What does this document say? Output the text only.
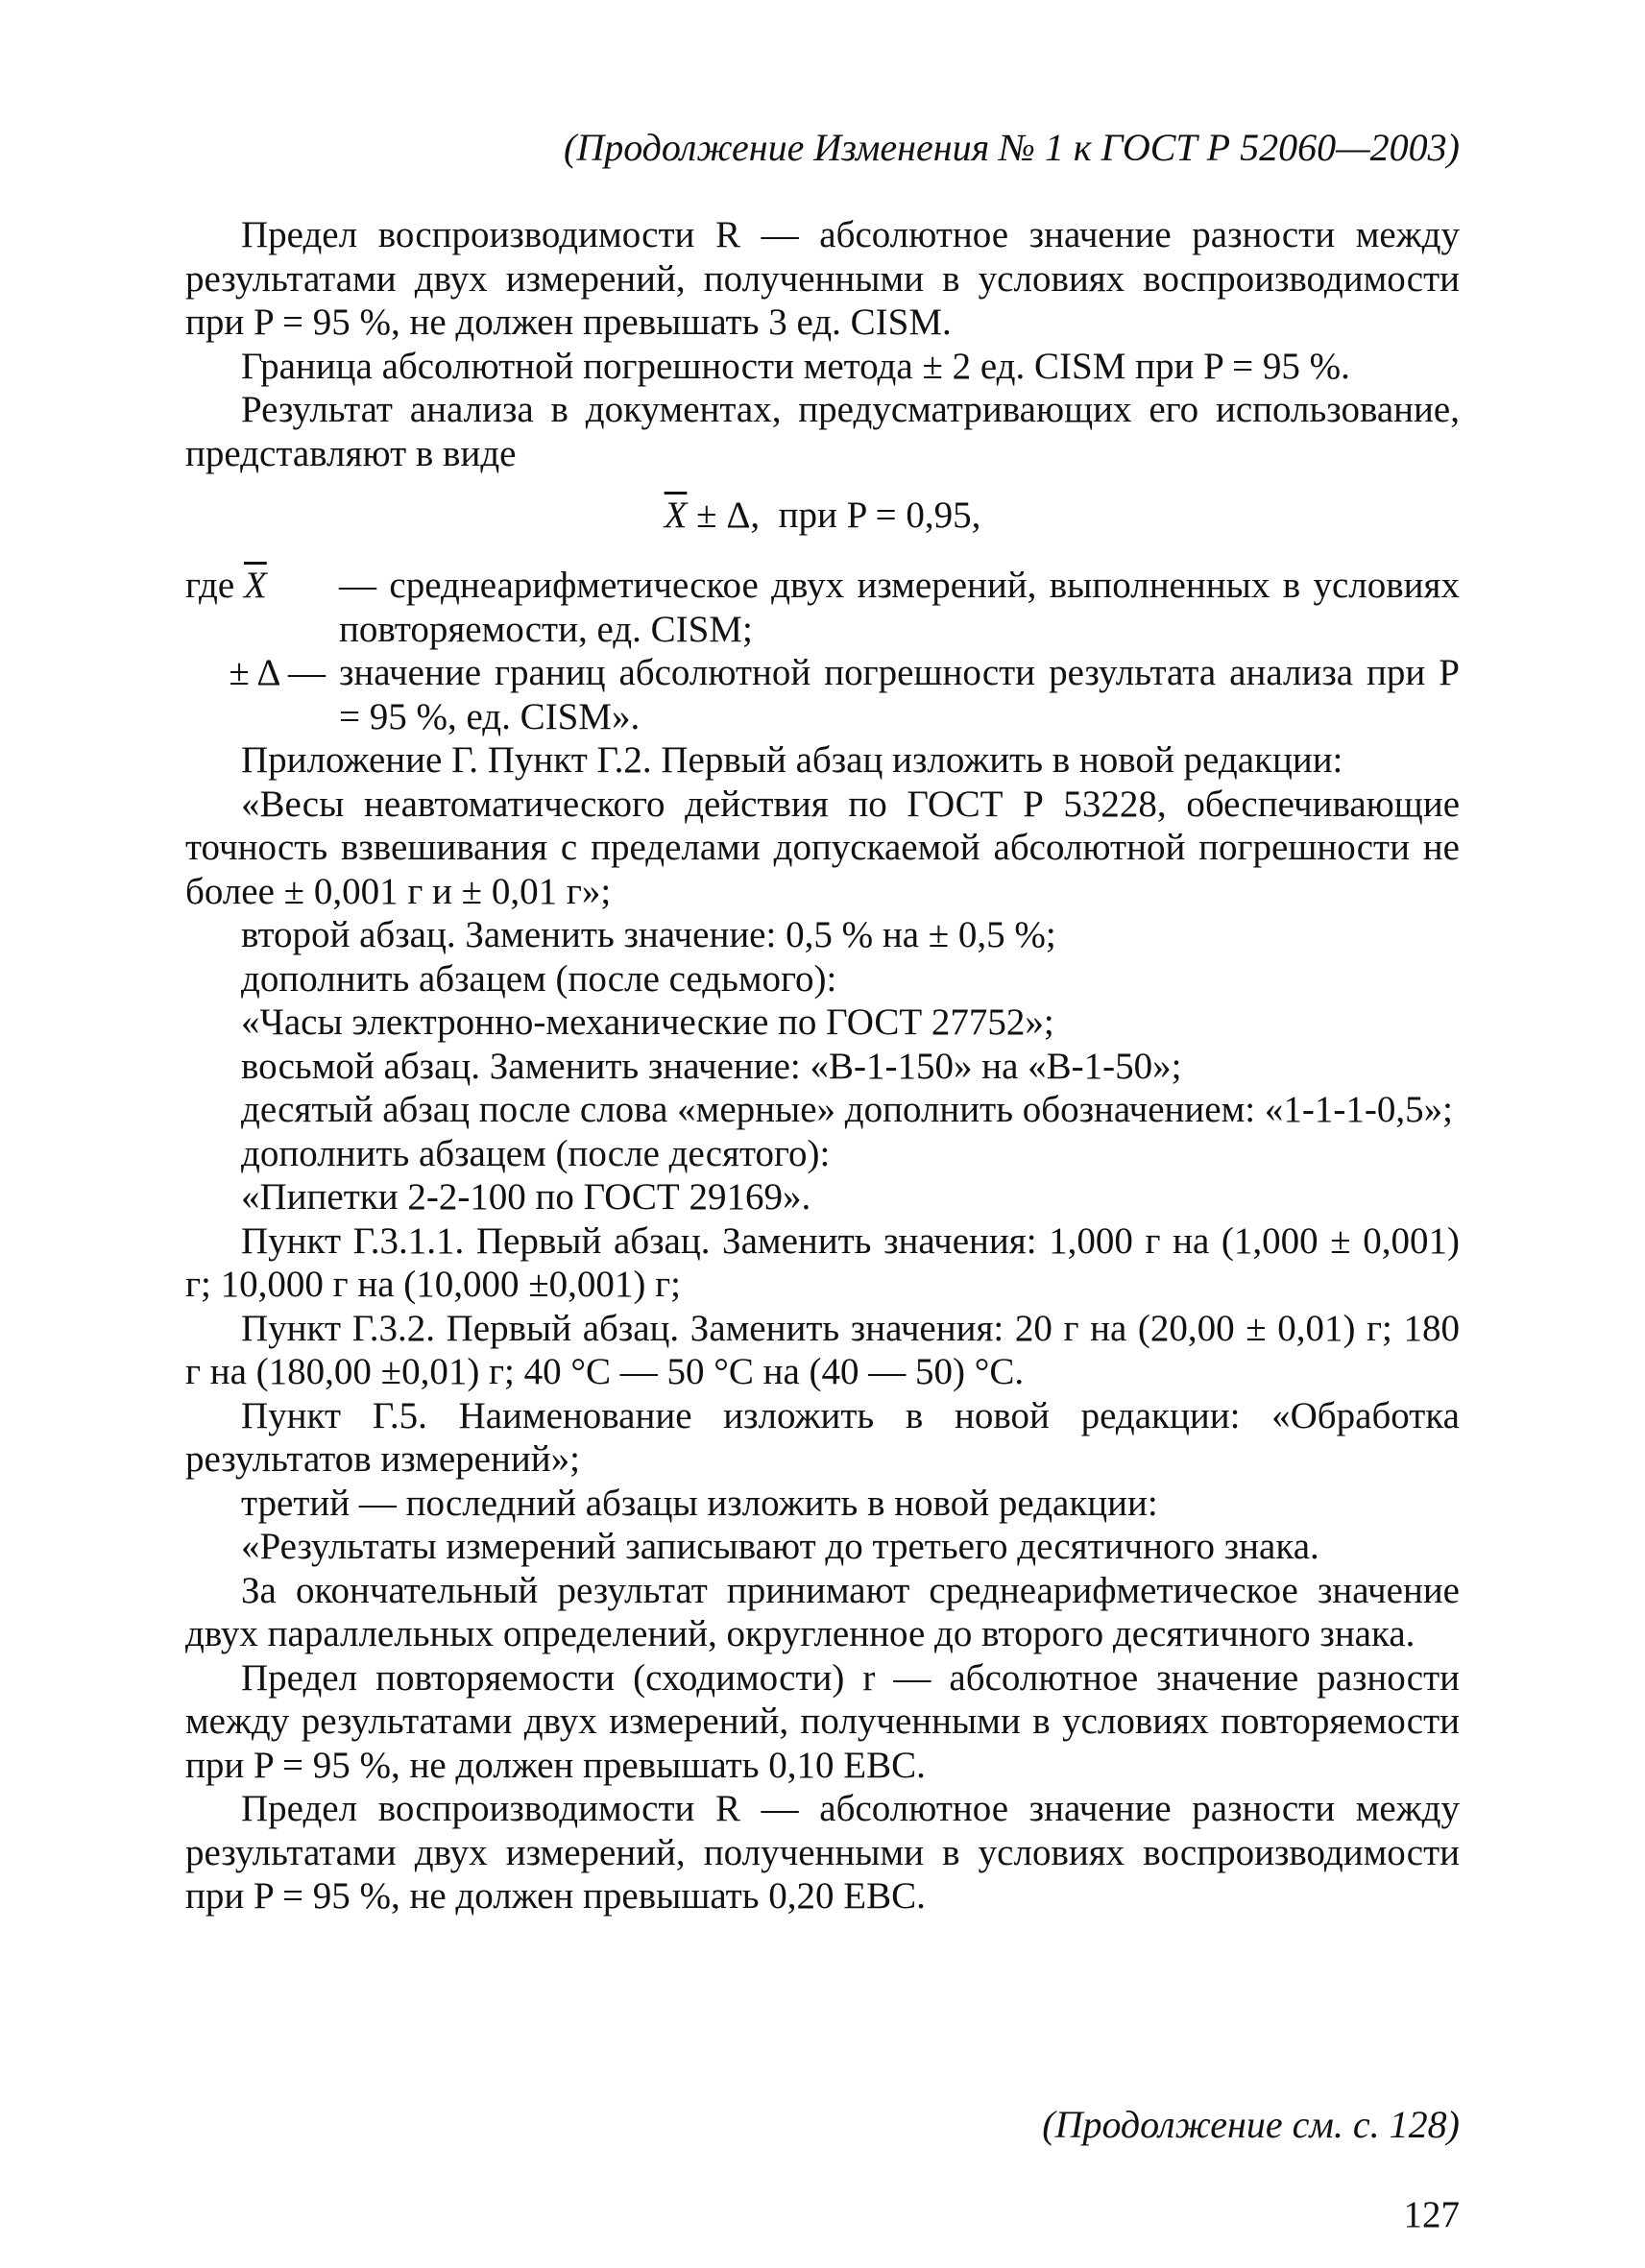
(Продолжение Изменения № 1 к ГОСТ Р 52060—2003)

Предел воспроизводимости R — абсолютное значение разности между результатами двух измерений, полученными в условиях воспроизводимости при P = 95 %, не должен превышать 3 ед. CISM.

Граница абсолютной погрешности метода ± 2 ед. CISM при P = 95 %.

Результат анализа в документах, предусматривающих его использование, представляют в виде

$\overline{X} \pm \Delta$,  при P = 0,95,
где $\overline{X}$	— среднеарифметическое двух измерений, выполненных в условиях повторяемости, ед. CISM;
± Δ — значение границ абсолютной погрешности результата анализа при P = 95 %, ед. CISM».

Приложение Г. Пункт Г.2. Первый абзац изложить в новой редакции:

«Весы неавтоматического действия по ГОСТ Р 53228, обеспечивающие точность взвешивания с пределами допускаемой абсолютной погрешности не более ± 0,001 г и ± 0,01 г»;

второй абзац. Заменить значение: 0,5 % на ± 0,5 %;

дополнить абзацем (после седьмого):

«Часы электронно-механические по ГОСТ 27752»;

восьмой абзац. Заменить значение: «В-1-150» на «В-1-50»;

десятый абзац после слова «мерные» дополнить обозначением: «1-1-1-0,5»;

дополнить абзацем (после десятого):

«Пипетки 2-2-100 по ГОСТ 29169».

Пункт Г.3.1.1. Первый абзац. Заменить значения: 1,000 г на (1,000 ± 0,001) г; 10,000 г на (10,000 ±0,001) г;

Пункт Г.3.2. Первый абзац. Заменить значения: 20 г на (20,00 ± 0,01) г; 180 г на (180,00 ±0,01) г; 40 °С — 50 °С на (40 — 50) °С.

Пункт Г.5. Наименование изложить в новой редакции: «Обработка результатов измерений»;

третий — последний абзацы изложить в новой редакции:

«Результаты измерений записывают до третьего десятичного знака.

За окончательный результат принимают среднеарифметическое значение двух параллельных определений, округленное до второго десятичного знака.

Предел повторяемости (сходимости) r — абсолютное значение разности между результатами двух измерений, полученными в условиях повторяемости при P = 95 %, не должен превышать 0,10 EBC.

Предел воспроизводимости R — абсолютное значение разности между результатами двух измерений, полученными в условиях воспроизводимости при P = 95 %, не должен превышать 0,20 EBC.

(Продолжение см. с. 128)
127
